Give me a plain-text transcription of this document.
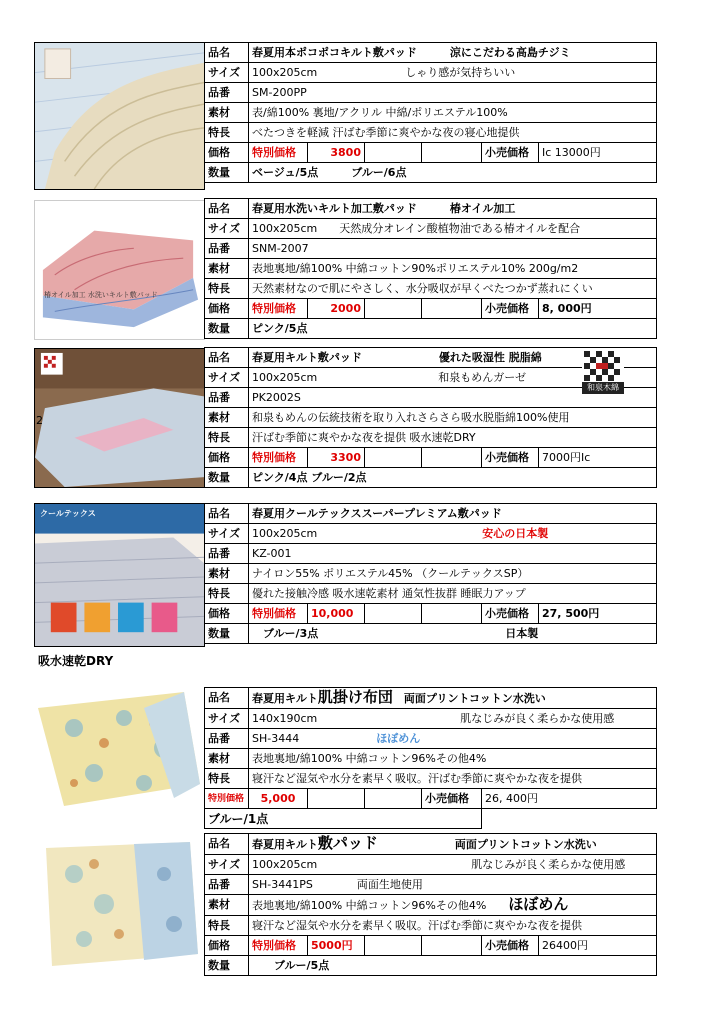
品名	春夏用本ポコポコキルト敷パッド　　　 涼にこだわる高島チジミ					
サイズ	100x205cm　　　　　　　　 しゃり感が気持ちいい					
品番	SM-200PP					
素材	表/綿100% 裏地/アクリル 中綿/ポリエステル100%					
特長	べたつきを軽減 汗ばむ季節に爽やかな夜の寝心地提供					
価格	特別価格	3800			小売価格	Ic 13000円
数量	ベージュ/5点　　　ブルー/6点					
椿オイル加工 水洗いキルト敷パッド
品名	春夏用水洗いキルト加工敷パッド　　　 椿オイル加工					
サイズ	100x205cm　　 天然成分オレイン酸植物油である椿オイルを配合					
品番	SNM-2007					
素材	表地裏地/綿100% 中綿コットン90%ポリエステル10% 200g/m2					
特長	天然素材なので肌にやさしく、水分吸収が早くべたつかず蒸れにくい					
価格	特別価格	2000			小売価格	8, 000円
数量	ピンク/5点					
2
品名	春夏用キルト敷パッド　　　　　　　 優れた吸湿性 脱脂綿					
サイズ	100x205cm　　　　　　　　　　　 和泉もめんガーゼ					
品番	PK2002S					
素材	和泉もめんの伝統技術を取り入れさらさら吸水脱脂綿100%使用					
特長	汗ばむ季節に爽やかな夜を提供 吸水速乾DRY					
価格	特別価格	3300			小売価格	7000円Ic
数量	ピンク/4点 ブルー/2点					
和泉木綿
クールテックス	品名	春夏用クールテックススーパープレミアム敷パッド					
サイズ	100x205cm　　　　　　　　　　　　　　　 安心の日本製					
品番	KZ-001					
素材	ナイロン55% ポリエステル45% （クールテックスSP）					
特長	優れた接触冷感 吸水速乾素材 通気性抜群 睡眠力アップ					
価格	特別価格	10,000			小売価格	27, 500円
数量	　ブルー/3点　　　　　　　　　　　　　　　　　 日本製					
吸水速乾DRY
品名	春夏用キルト肌掛け布団　 両面プリントコットン水洗い				
サイズ	140x190cm　　　　　　　　　　　　　 肌なじみが良く柔らかな使用感				
品番	SH-3444　　　　　　　 ほぼめん				
素材	表地裏地/綿100% 中綿コットン96%その他4%				
特長	寝汗など湿気や水分を素早く吸収。汗ばむ季節に爽やかな夜を提供				
特別価格	5,000			小売価格	26, 400円
ブルー/1点					
品名	春夏用キルト敷パッド　　　　　　　 両面プリントコットン水洗い					
サイズ	100x205cm　　　　　　　　　　　　　　 肌なじみが良く柔らかな使用感					
品番	SH-3441PS　　　　 両面生地使用					
素材	表地裏地/綿100% 中綿コットン96%その他4%　　 ほぼめん					
特長	寝汗など湿気や水分を素早く吸収。汗ばむ季節に爽やかな夜を提供					
価格	特別価格	5000円			小売価格	26400円
数量	　　ブルー/5点					
